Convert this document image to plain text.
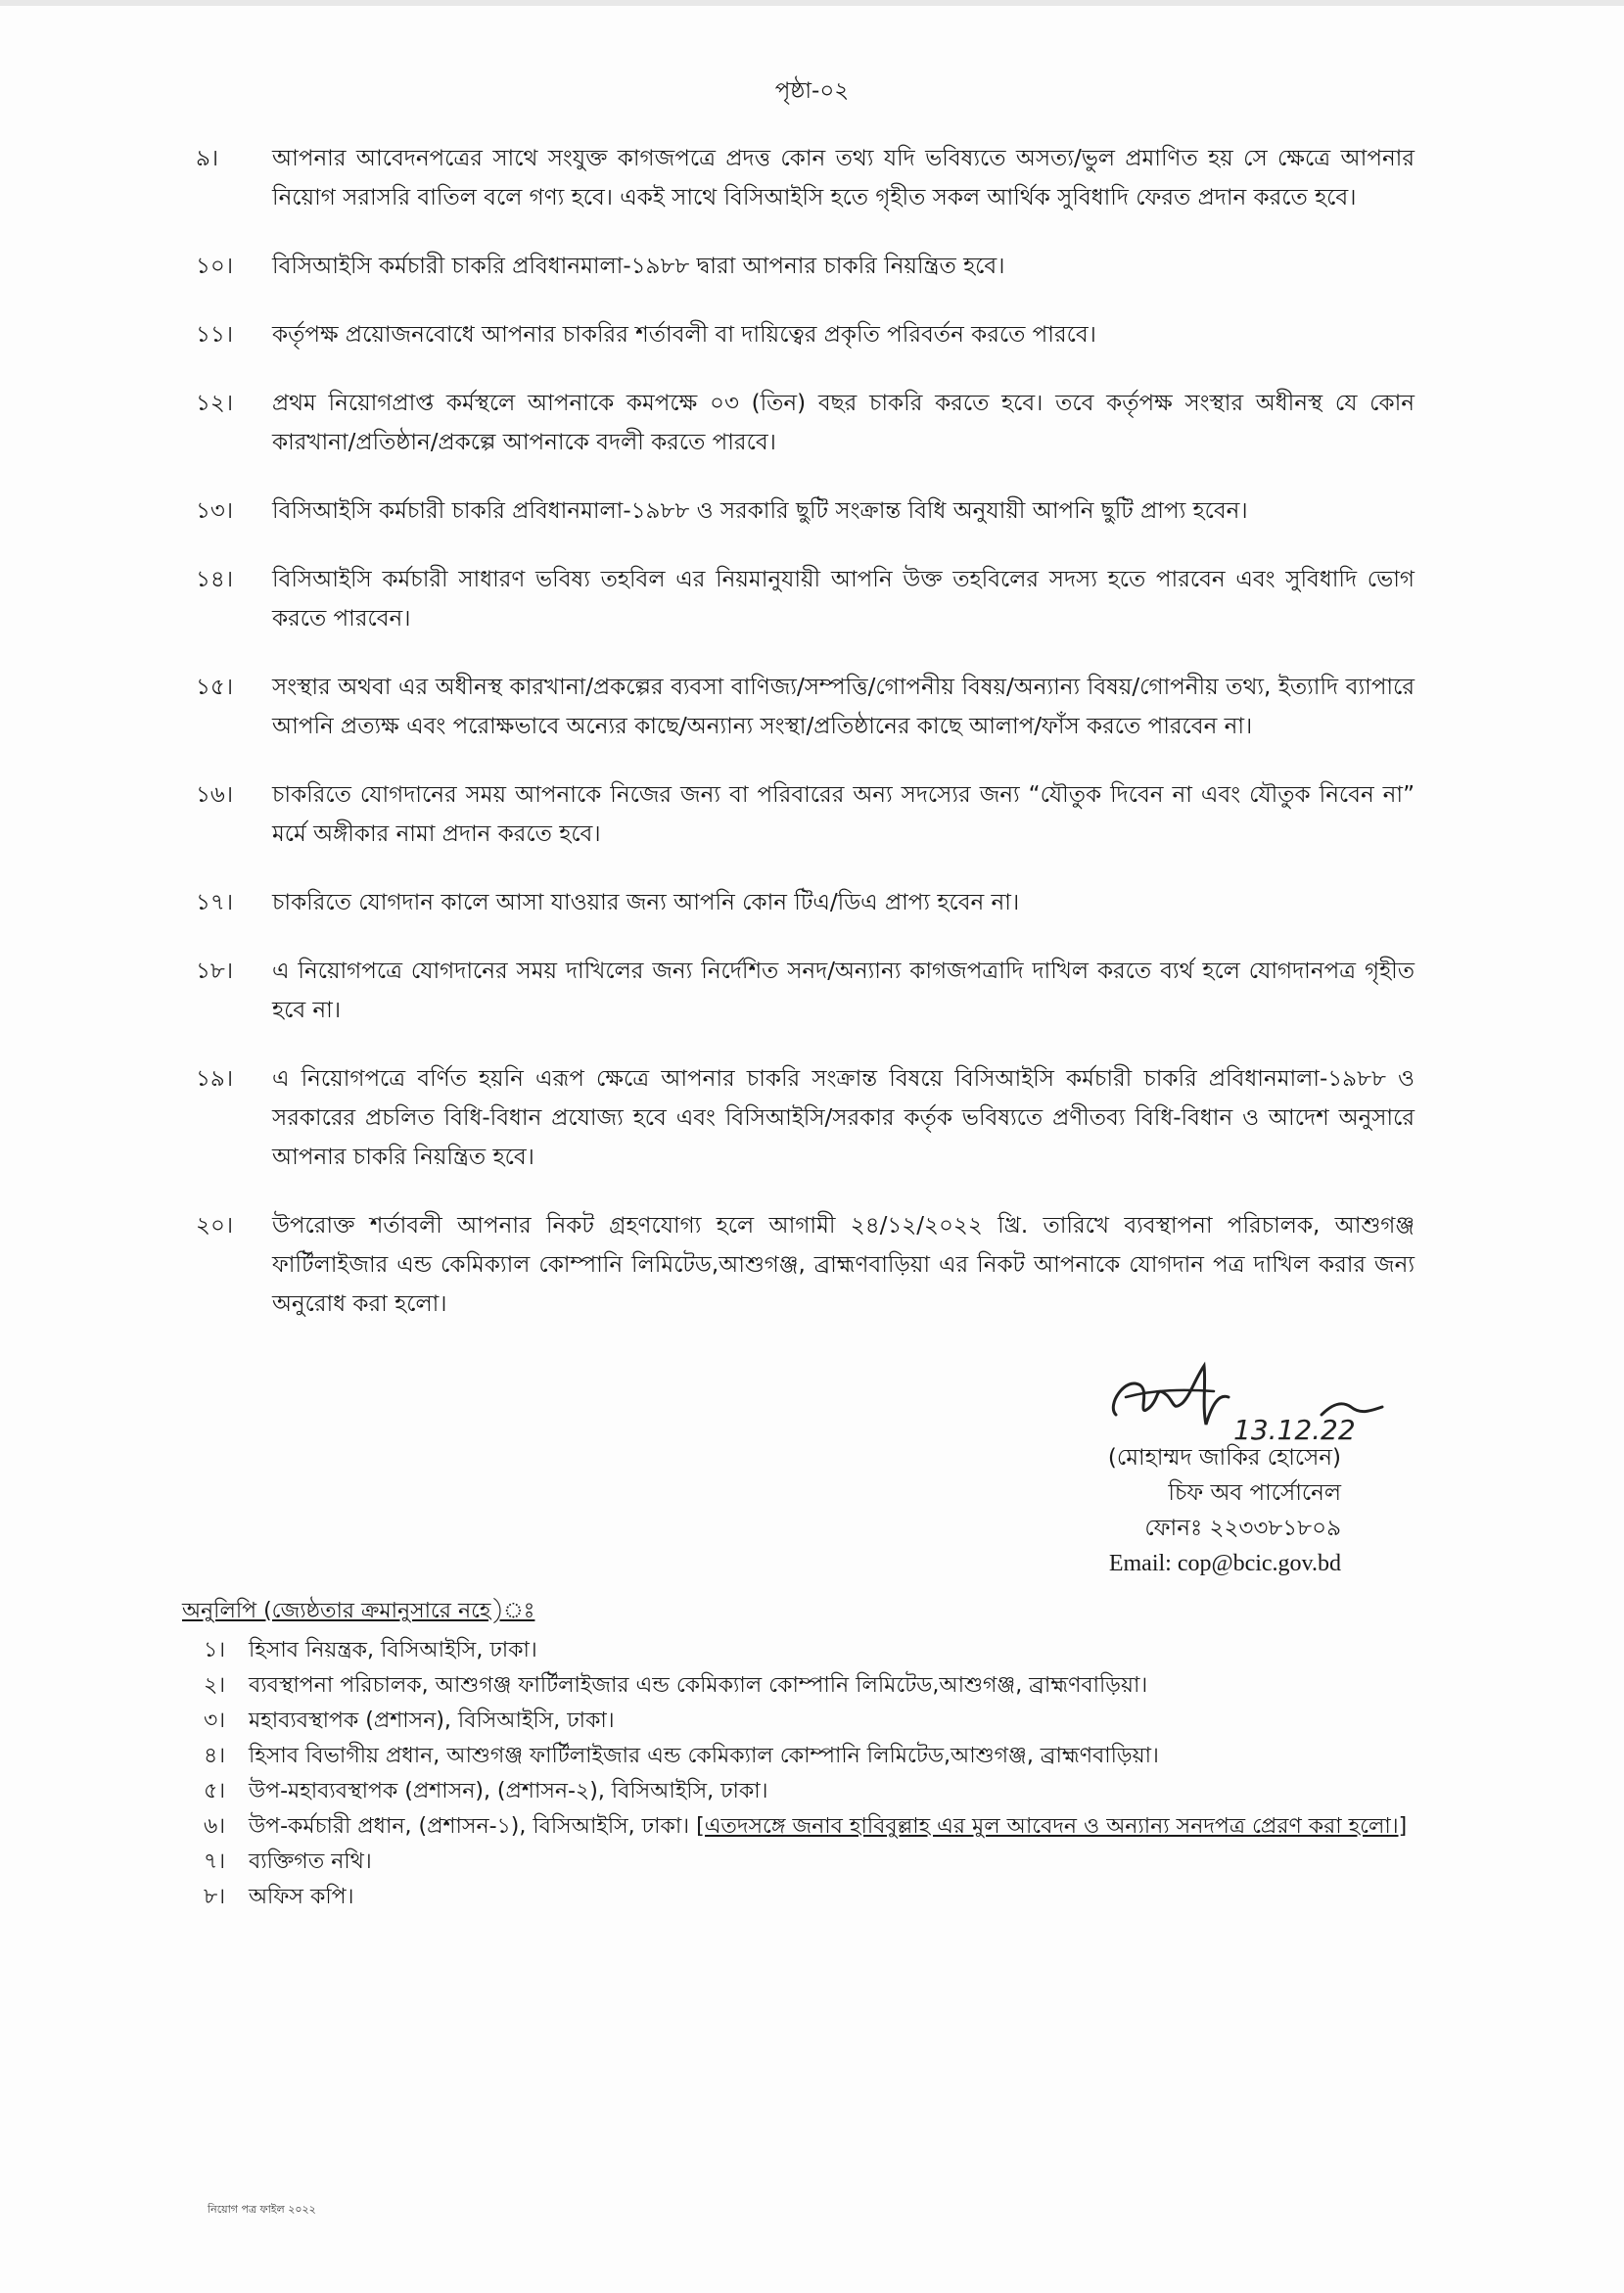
পৃষ্ঠা-০২
৯।	আপনার আবেদনপত্রের সাথে সংযুক্ত কাগজপত্রে প্রদত্ত কোন তথ্য যদি ভবিষ্যতে অসত্য/ভুল প্রমাণিত হয় সে ক্ষেত্রে আপনার নিয়োগ সরাসরি বাতিল বলে গণ্য হবে। একই সাথে বিসিআইসি হতে গৃহীত সকল আর্থিক সুবিধাদি ফেরত প্রদান করতে হবে।
১০।	বিসিআইসি কর্মচারী চাকরি প্রবিধানমালা-১৯৮৮ দ্বারা আপনার চাকরি নিয়ন্ত্রিত হবে।
১১।	কর্তৃপক্ষ প্রয়োজনবোধে আপনার চাকরির শর্তাবলী বা দায়িত্বের প্রকৃতি পরিবর্তন করতে পারবে।
১২।	প্রথম নিয়োগপ্রাপ্ত কর্মস্থলে আপনাকে কমপক্ষে ০৩ (তিন) বছর চাকরি করতে হবে। তবে কর্তৃপক্ষ সংস্থার অধীনস্থ যে কোন কারখানা/প্রতিষ্ঠান/প্রকল্পে আপনাকে বদলী করতে পারবে।
১৩।	বিসিআইসি কর্মচারী চাকরি প্রবিধানমালা-১৯৮৮ ও সরকারি ছুটি সংক্রান্ত বিধি অনুযায়ী আপনি ছুটি প্রাপ্য হবেন।
১৪।	বিসিআইসি কর্মচারী সাধারণ ভবিষ্য তহবিল এর নিয়মানুযায়ী আপনি উক্ত তহবিলের সদস্য হতে পারবেন এবং সুবিধাদি ভোগ করতে পারবেন।
১৫।	সংস্থার অথবা এর অধীনস্থ কারখানা/প্রকল্পের ব্যবসা বাণিজ্য/সম্পত্তি/গোপনীয় বিষয়/অন্যান্য বিষয়/গোপনীয় তথ্য, ইত্যাদি ব্যাপারে আপনি প্রত্যক্ষ এবং পরোক্ষভাবে অন্যের কাছে/অন্যান্য সংস্থা/প্রতিষ্ঠানের কাছে আলাপ/ফাঁস করতে পারবেন না।
১৬।	চাকরিতে যোগদানের সময় আপনাকে নিজের জন্য বা পরিবারের অন্য সদস্যের জন্য “যৌতুক দিবেন না এবং যৌতুক নিবেন না” মর্মে অঙ্গীকার নামা প্রদান করতে হবে।
১৭।	চাকরিতে যোগদান কালে আসা যাওয়ার জন্য আপনি কোন টিএ/ডিএ প্রাপ্য হবেন না।
১৮।	এ নিয়োগপত্রে যোগদানের সময় দাখিলের জন্য নির্দেশিত সনদ/অন্যান্য কাগজপত্রাদি দাখিল করতে ব্যর্থ হলে যোগদানপত্র গৃহীত হবে না।
১৯।	এ নিয়োগপত্রে বর্ণিত হয়নি এরূপ ক্ষেত্রে আপনার চাকরি সংক্রান্ত বিষয়ে বিসিআইসি কর্মচারী চাকরি প্রবিধানমালা-১৯৮৮ ও সরকারের প্রচলিত বিধি-বিধান প্রযোজ্য হবে এবং বিসিআইসি/সরকার কর্তৃক ভবিষ্যতে প্রণীতব্য বিধি-বিধান ও আদেশ অনুসারে আপনার চাকরি নিয়ন্ত্রিত হবে।
২০।	উপরোক্ত শর্তাবলী আপনার নিকট গ্রহণযোগ্য হলে আগামী ২৪/১২/২০২২ খ্রি. তারিখে ব্যবস্থাপনা পরিচালক, আশুগঞ্জ ফার্টিলাইজার এন্ড কেমিক্যাল কোম্পানি লিমিটেড,আশুগঞ্জ, ব্রাহ্মণবাড়িয়া এর নিকট আপনাকে যোগদান পত্র দাখিল করার জন্য অনুরোধ করা হলো।
13.12.22
(মোহাম্মদ জাকির হোসেন)
চিফ অব পার্সোনেল
ফোনঃ ২২৩৩৮১৮০৯
Email: cop@bcic.gov.bd
অনুলিপি (জ্যেষ্ঠতার ক্রমানুসারে নহে)ঃ
১।	হিসাব নিয়ন্ত্রক, বিসিআইসি, ঢাকা।
২।	ব্যবস্থাপনা পরিচালক, আশুগঞ্জ ফার্টিলাইজার এন্ড কেমিক্যাল কোম্পানি লিমিটেড,আশুগঞ্জ, ব্রাহ্মণবাড়িয়া।
৩।	মহাব্যবস্থাপক (প্রশাসন), বিসিআইসি, ঢাকা।
৪।	হিসাব বিভাগীয় প্রধান, আশুগঞ্জ ফার্টিলাইজার এন্ড কেমিক্যাল কোম্পানি লিমিটেড,আশুগঞ্জ, ব্রাহ্মণবাড়িয়া।
৫।	উপ-মহাব্যবস্থাপক (প্রশাসন), (প্রশাসন-২), বিসিআইসি, ঢাকা।
৬।	উপ-কর্মচারী প্রধান, (প্রশাসন-১), বিসিআইসি, ঢাকা। [এতদসঙ্গে জনাব হাবিবুল্লাহ এর মুল আবেদন ও অন্যান্য সনদপত্র প্রেরণ করা হলো।]
৭।	ব্যক্তিগত নথি।
৮।	অফিস কপি।
নিয়োগ পত্র ফাইল ২০২২
